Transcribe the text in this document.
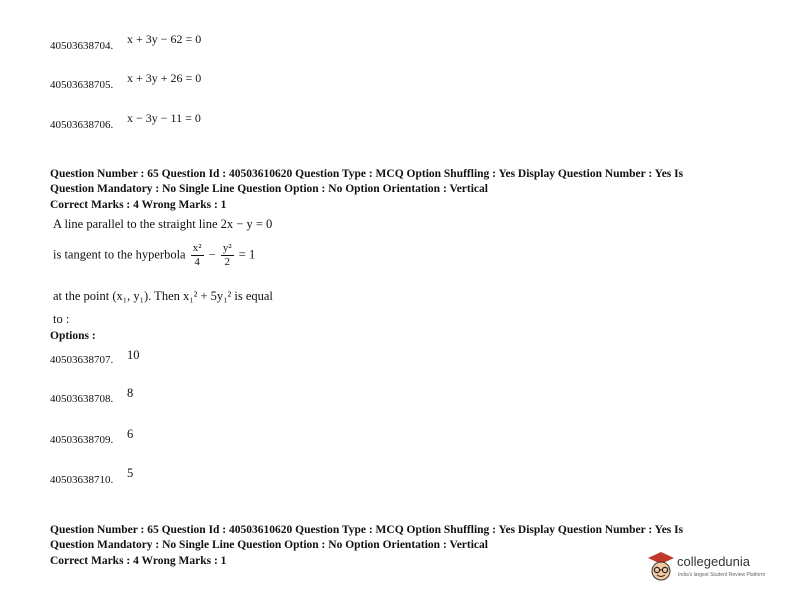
40503638704. x + 3y − 62 = 0
40503638705. x + 3y + 26 = 0
40503638706. x − 3y − 11 = 0
Question Number : 65 Question Id : 40503610620 Question Type : MCQ Option Shuffling : Yes Display Question Number : Yes Is
Question Mandatory : No Single Line Question Option : No Option Orientation : Vertical
Correct Marks : 4 Wrong Marks : 1
A line parallel to the straight line 2x − y = 0
is tangent to the hyperbola $\frac{\text{x²}}{4} - \frac{\text{y²}}{2} = 1$
at the point (x₁, y₁). Then x₁² + 5y₁² is equal
to :
Options :
40503638707. 10
40503638708. 8
40503638709. 6
40503638710. 5
Question Number : 65 Question Id : 40503610620 Question Type : MCQ Option Shuffling : Yes Display Question Number : Yes Is
Question Mandatory : No Single Line Question Option : No Option Orientation : Vertical
Correct Marks : 4 Wrong Marks : 1	collegedunia
India's largest Student Review Platform
